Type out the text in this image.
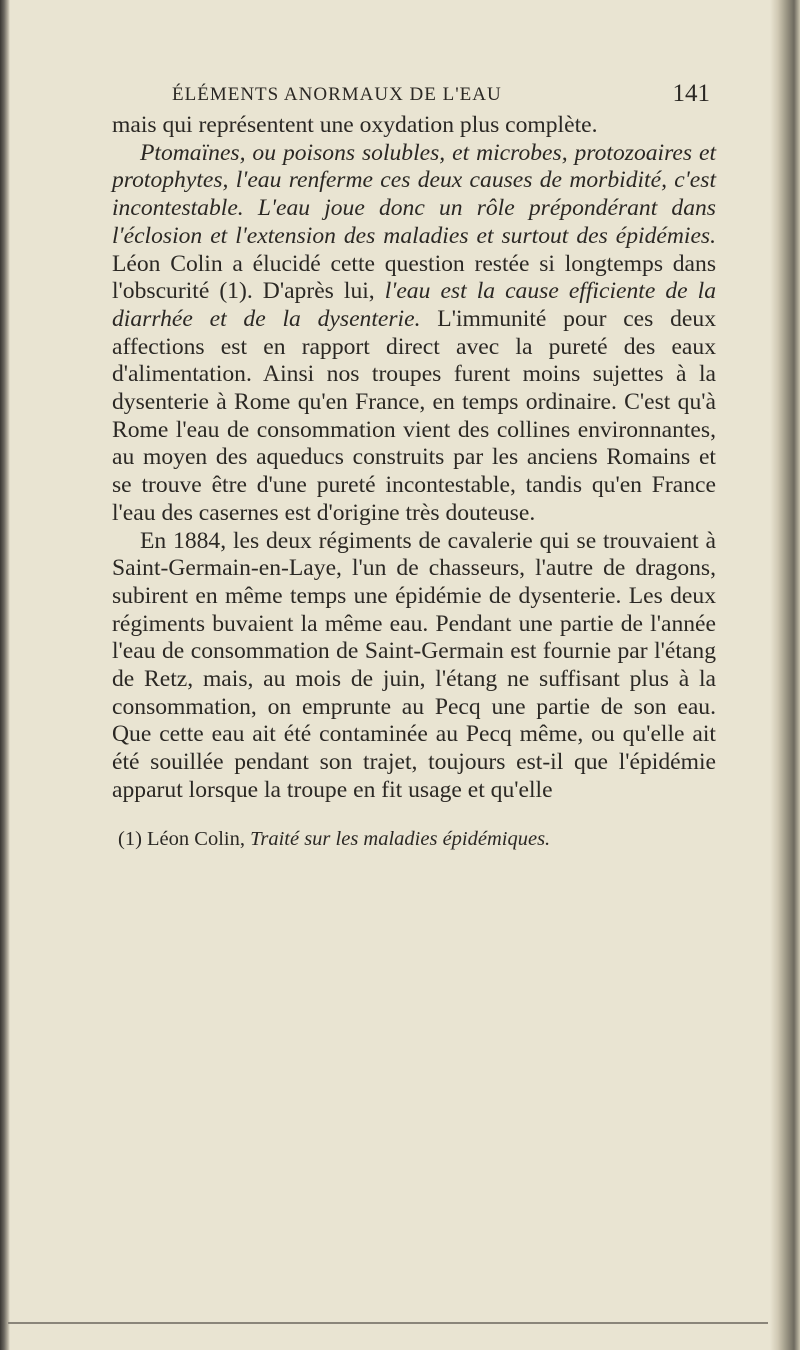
ÉLÉMENTS ANORMAUX DE L'EAU	141

mais qui représentent une oxydation plus complète.

Ptomaïnes, ou poisons solubles, et microbes, protozoaires et protophytes, l'eau renferme ces deux causes de morbidité, c'est incontestable. L'eau joue donc un rôle prépondérant dans l'éclosion et l'extension des maladies et surtout des épidémies. Léon Colin a élucidé cette question restée si longtemps dans l'obscurité (1). D'après lui, l'eau est la cause efficiente de la diarrhée et de la dysenterie. L'immunité pour ces deux affections est en rapport direct avec la pureté des eaux d'alimentation. Ainsi nos troupes furent moins sujettes à la dysenterie à Rome qu'en France, en temps ordinaire. C'est qu'à Rome l'eau de consommation vient des collines environnantes, au moyen des aqueducs construits par les anciens Romains et se trouve être d'une pureté incontestable, tandis qu'en France l'eau des casernes est d'origine très douteuse.

En 1884, les deux régiments de cavalerie qui se trouvaient à Saint-Germain-en-Laye, l'un de chasseurs, l'autre de dragons, subirent en même temps une épidémie de dysenterie. Les deux régiments buvaient la même eau. Pendant une partie de l'année l'eau de consommation de Saint-Germain est fournie par l'étang de Retz, mais, au mois de juin, l'étang ne suffisant plus à la consommation, on emprunte au Pecq une partie de son eau. Que cette eau ait été contaminée au Pecq même, ou qu'elle ait été souillée pendant son trajet, toujours est-il que l'épidémie apparut lorsque la troupe en fit usage et qu'elle

(1) Léon Colin, Traité sur les maladies épidémiques.
